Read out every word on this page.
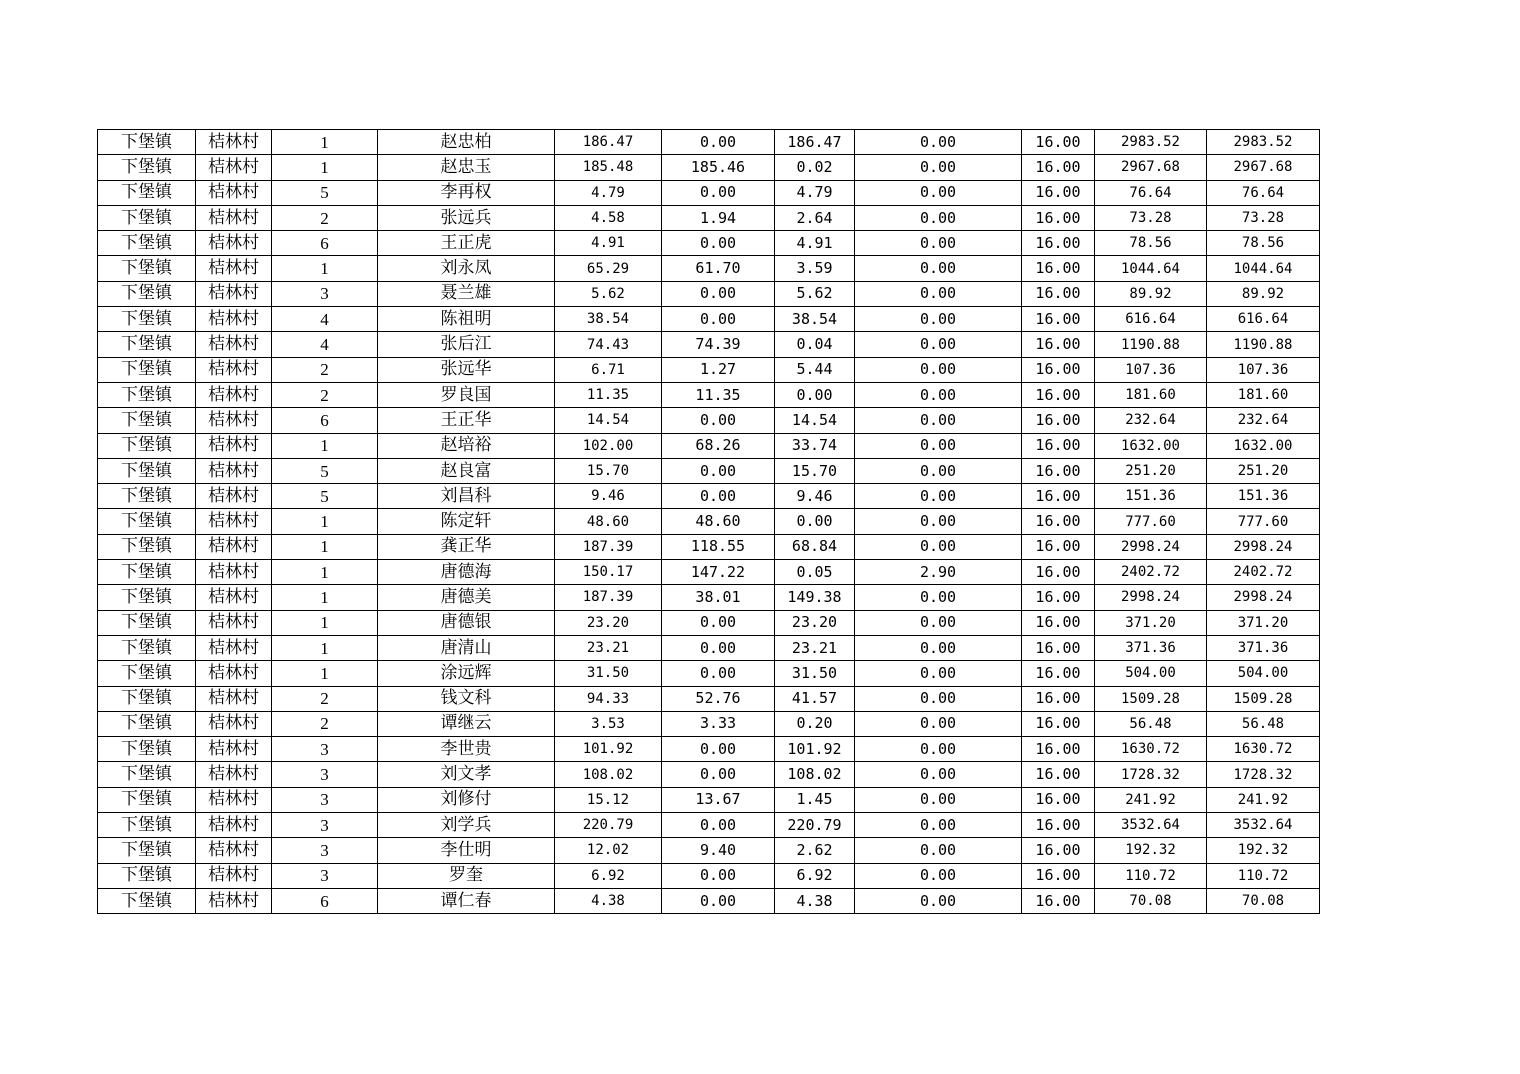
下堡镇	桔林村	1	赵忠柏	186.47	0.00	186.47	0.00	16.00	2983.52	2983.52
下堡镇	桔林村	1	赵忠玉	185.48	185.46	0.02	0.00	16.00	2967.68	2967.68
下堡镇	桔林村	5	李再权	4.79	0.00	4.79	0.00	16.00	76.64	76.64
下堡镇	桔林村	2	张远兵	4.58	1.94	2.64	0.00	16.00	73.28	73.28
下堡镇	桔林村	6	王正虎	4.91	0.00	4.91	0.00	16.00	78.56	78.56
下堡镇	桔林村	1	刘永凤	65.29	61.70	3.59	0.00	16.00	1044.64	1044.64
下堡镇	桔林村	3	聂兰雄	5.62	0.00	5.62	0.00	16.00	89.92	89.92
下堡镇	桔林村	4	陈祖明	38.54	0.00	38.54	0.00	16.00	616.64	616.64
下堡镇	桔林村	4	张后江	74.43	74.39	0.04	0.00	16.00	1190.88	1190.88
下堡镇	桔林村	2	张远华	6.71	1.27	5.44	0.00	16.00	107.36	107.36
下堡镇	桔林村	2	罗良国	11.35	11.35	0.00	0.00	16.00	181.60	181.60
下堡镇	桔林村	6	王正华	14.54	0.00	14.54	0.00	16.00	232.64	232.64
下堡镇	桔林村	1	赵培裕	102.00	68.26	33.74	0.00	16.00	1632.00	1632.00
下堡镇	桔林村	5	赵良富	15.70	0.00	15.70	0.00	16.00	251.20	251.20
下堡镇	桔林村	5	刘昌科	9.46	0.00	9.46	0.00	16.00	151.36	151.36
下堡镇	桔林村	1	陈定轩	48.60	48.60	0.00	0.00	16.00	777.60	777.60
下堡镇	桔林村	1	龚正华	187.39	118.55	68.84	0.00	16.00	2998.24	2998.24
下堡镇	桔林村	1	唐德海	150.17	147.22	0.05	2.90	16.00	2402.72	2402.72
下堡镇	桔林村	1	唐德美	187.39	38.01	149.38	0.00	16.00	2998.24	2998.24
下堡镇	桔林村	1	唐德银	23.20	0.00	23.20	0.00	16.00	371.20	371.20
下堡镇	桔林村	1	唐清山	23.21	0.00	23.21	0.00	16.00	371.36	371.36
下堡镇	桔林村	1	涂远辉	31.50	0.00	31.50	0.00	16.00	504.00	504.00
下堡镇	桔林村	2	钱文科	94.33	52.76	41.57	0.00	16.00	1509.28	1509.28
下堡镇	桔林村	2	谭继云	3.53	3.33	0.20	0.00	16.00	56.48	56.48
下堡镇	桔林村	3	李世贵	101.92	0.00	101.92	0.00	16.00	1630.72	1630.72
下堡镇	桔林村	3	刘文孝	108.02	0.00	108.02	0.00	16.00	1728.32	1728.32
下堡镇	桔林村	3	刘修付	15.12	13.67	1.45	0.00	16.00	241.92	241.92
下堡镇	桔林村	3	刘学兵	220.79	0.00	220.79	0.00	16.00	3532.64	3532.64
下堡镇	桔林村	3	李仕明	12.02	9.40	2.62	0.00	16.00	192.32	192.32
下堡镇	桔林村	3	罗奎	6.92	0.00	6.92	0.00	16.00	110.72	110.72
下堡镇	桔林村	6	谭仁春	4.38	0.00	4.38	0.00	16.00	70.08	70.08
